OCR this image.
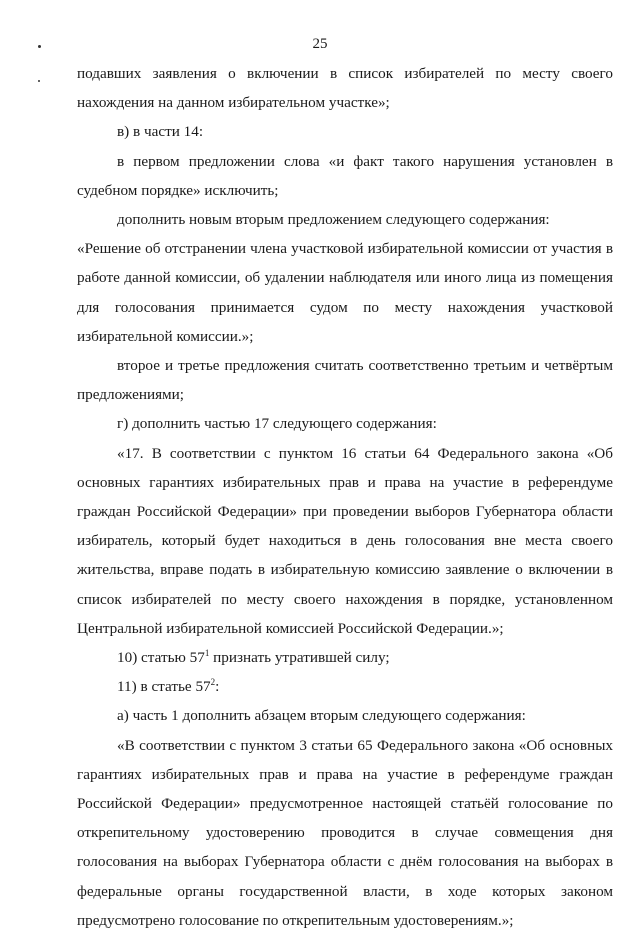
25

подавших заявления о включении в список избирателей по месту своего нахождения на данном избирательном участке»;

в) в части 14:

в первом предложении слова «и факт такого нарушения установлен в судебном порядке» исключить;

дополнить новым вторым предложением следующего содержания:

«Решение об отстранении члена участковой избирательной комиссии от участия в работе данной комиссии, об удалении наблюдателя или иного лица из помещения для голосования принимается судом по месту нахождения участковой избирательной комиссии.»;

второе и третье предложения считать соответственно третьим и четвёртым предложениями;

г) дополнить частью 17 следующего содержания:

«17. В соответствии с пунктом 16 статьи 64 Федерального закона «Об основных гарантиях избирательных прав и права на участие в референдуме граждан Российской Федерации» при проведении выборов Губернатора области избиратель, который будет находиться в день голосования вне места своего жительства, вправе подать в избирательную комиссию заявление о включении в список избирателей по месту своего нахождения в порядке, установленном Центральной избирательной комиссией Российской Федерации.»;

10) статью $57^1$ признать утратившей силу;

11) в статье $57^2$:

а) часть 1 дополнить абзацем вторым следующего содержания:

«В соответствии с пунктом 3 статьи 65 Федерального закона «Об основных гарантиях избирательных прав и права на участие в референдуме граждан Российской Федерации» предусмотренное настоящей статьёй голосование по открепительному удостоверению проводится в случае совмещения дня голосования на выборах Губернатора области с днём голосования на выборах в федеральные органы государственной власти, в ходе которых законом предусмотрено голосование по открепительным удостоверениям.»;
